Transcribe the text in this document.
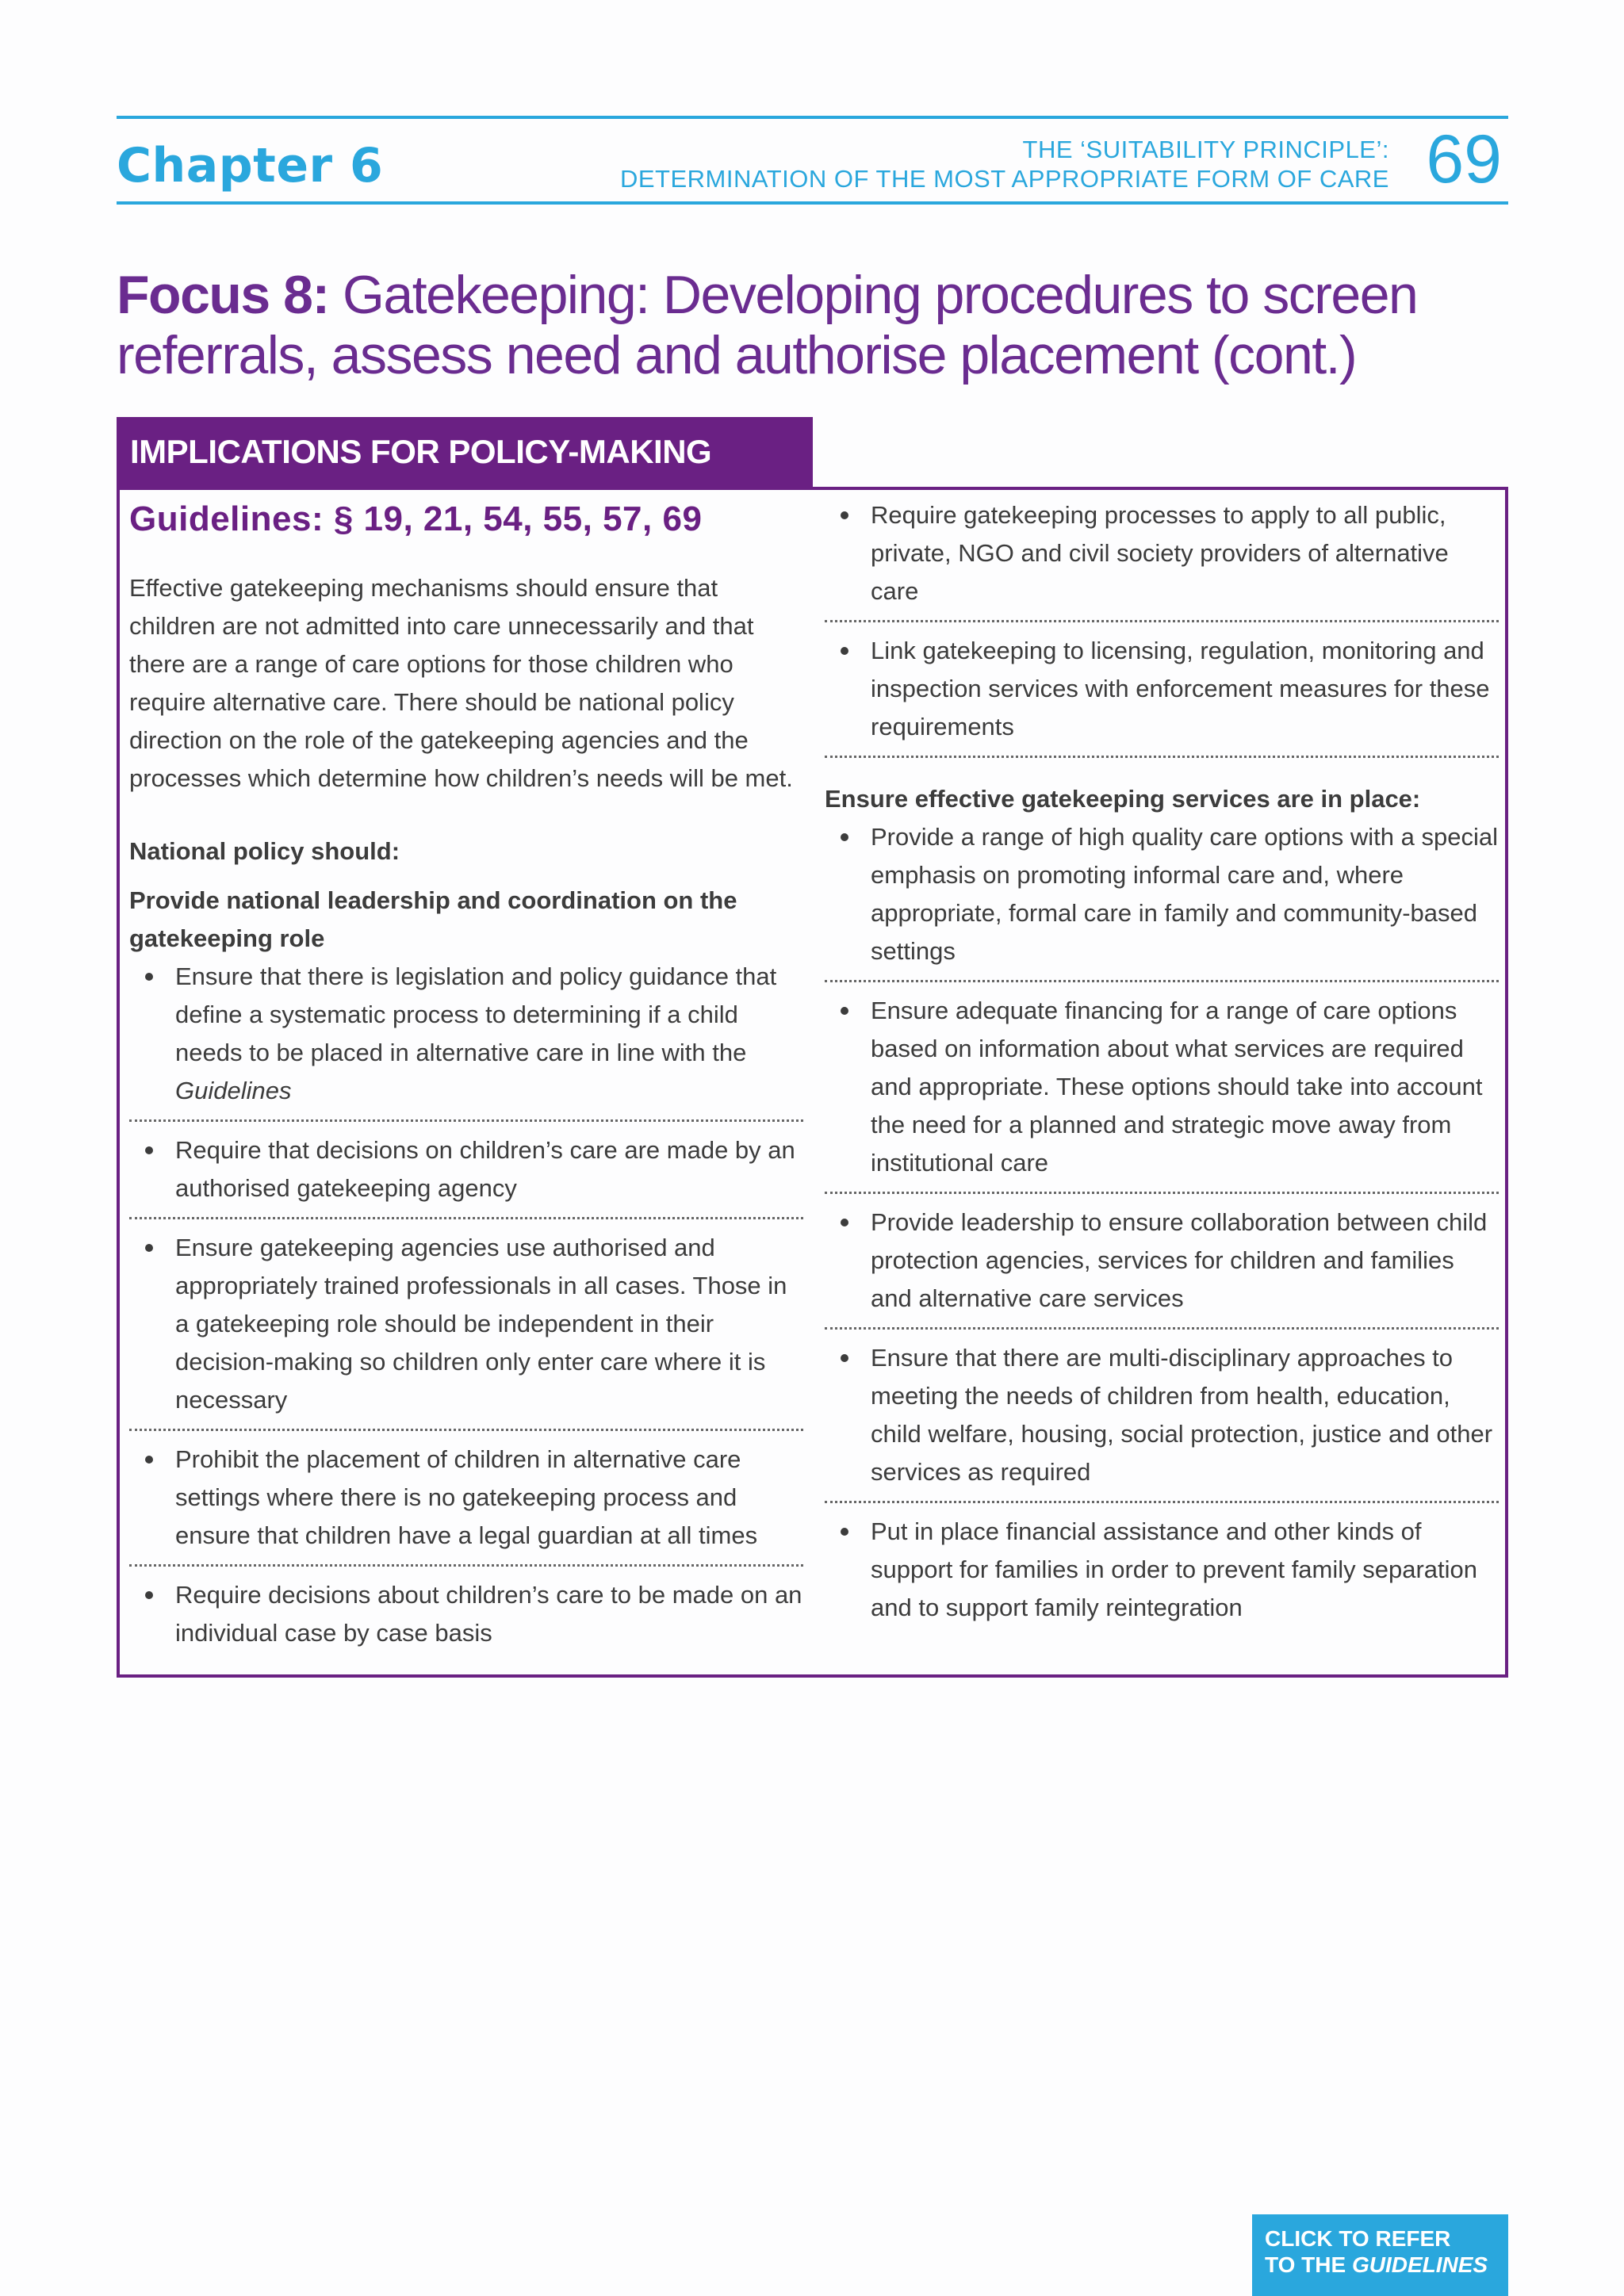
Chapter 6	THE ‘SUITABILITY PRINCIPLE’:
DETERMINATION OF THE MOST APPROPRIATE FORM OF CARE 69
Focus 8: Gatekeeping: Developing procedures to screen referrals, assess need and authorise placement (cont.)
IMPLICATIONS FOR POLICY-MAKING
Guidelines: § 19, 21, 54, 55, 57, 69

Effective gatekeeping mechanisms should ensure that children are not admitted into care unnecessarily and that there are a range of care options for those children who require alternative care. There should be national policy direction on the role of the gatekeeping agencies and the processes which determine how children’s needs will be met.

National policy should:

Provide national leadership and coordination on the gatekeeping role

Ensure that there is legislation and policy guidance that define a systematic process to determining if a child needs to be placed in alternative care in line with the Guidelines
Require that decisions on children’s care are made by an authorised gatekeeping agency
Ensure gatekeeping agencies use authorised and appropriately trained professionals in all cases. Those in a gatekeeping role should be independent in their decision-making so children only enter care where it is necessary
Prohibit the placement of children in alternative care settings where there is no gatekeeping process and ensure that children have a legal guardian at all times
Require decisions about children’s care to be made on an individual case by case basis
Require gatekeeping processes to apply to all public, private, NGO and civil society providers of alternative care
Link gatekeeping to licensing, regulation, monitoring and inspection services with enforcement measures for these requirements

Ensure effective gatekeeping services are in place:

Provide a range of high quality care options with a special emphasis on promoting informal care and, where appropriate, formal care in family and community-based settings
Ensure adequate financing for a range of care options based on information about what services are required and appropriate. These options should take into account the need for a planned and strategic move away from institutional care
Provide leadership to ensure collaboration between child protection agencies, services for children and families and alternative care services
Ensure that there are multi-disciplinary approaches to meeting the needs of children from health, education, child welfare, housing, social protection, justice and other services as required
Put in place financial assistance and other kinds of support for families in order to prevent family separation and to support family reintegration
CLICK TO REFER
TO THE GUIDELINES
